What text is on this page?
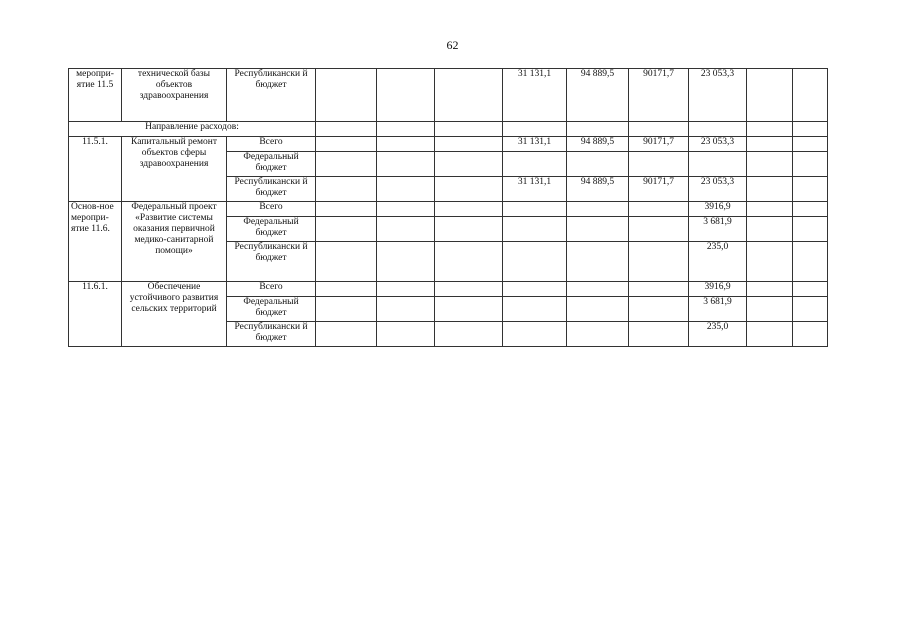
62
меропри-ятие 11.5	технической базы объектов здравоохранения	Республикански й бюджет				31 131,1	94 889,5	90171,7	23 053,3		
Направление расходов:											
11.5.1.	Капитальный ремонт объектов сферы здравоохранения	Всего				31 131,1	94 889,5	90171,7	23 053,3		
		Федеральный бюджет									
		Республикански й бюджет				31 131,1	94 889,5	90171,7	23 053,3		
Основ-ное меропри-ятие 11.6.	Федеральный проект «Развитие системы оказания первичной медико-санитарной помощи»	Всего							3916,9		
		Федеральный бюджет							3 681,9		
		Республикански й бюджет							235,0		
11.6.1.	Обеспечение устойчивого развития сельских территорий	Всего							3916,9		
		Федеральный бюджет							3 681,9		
		Республикански й бюджет							235,0		
